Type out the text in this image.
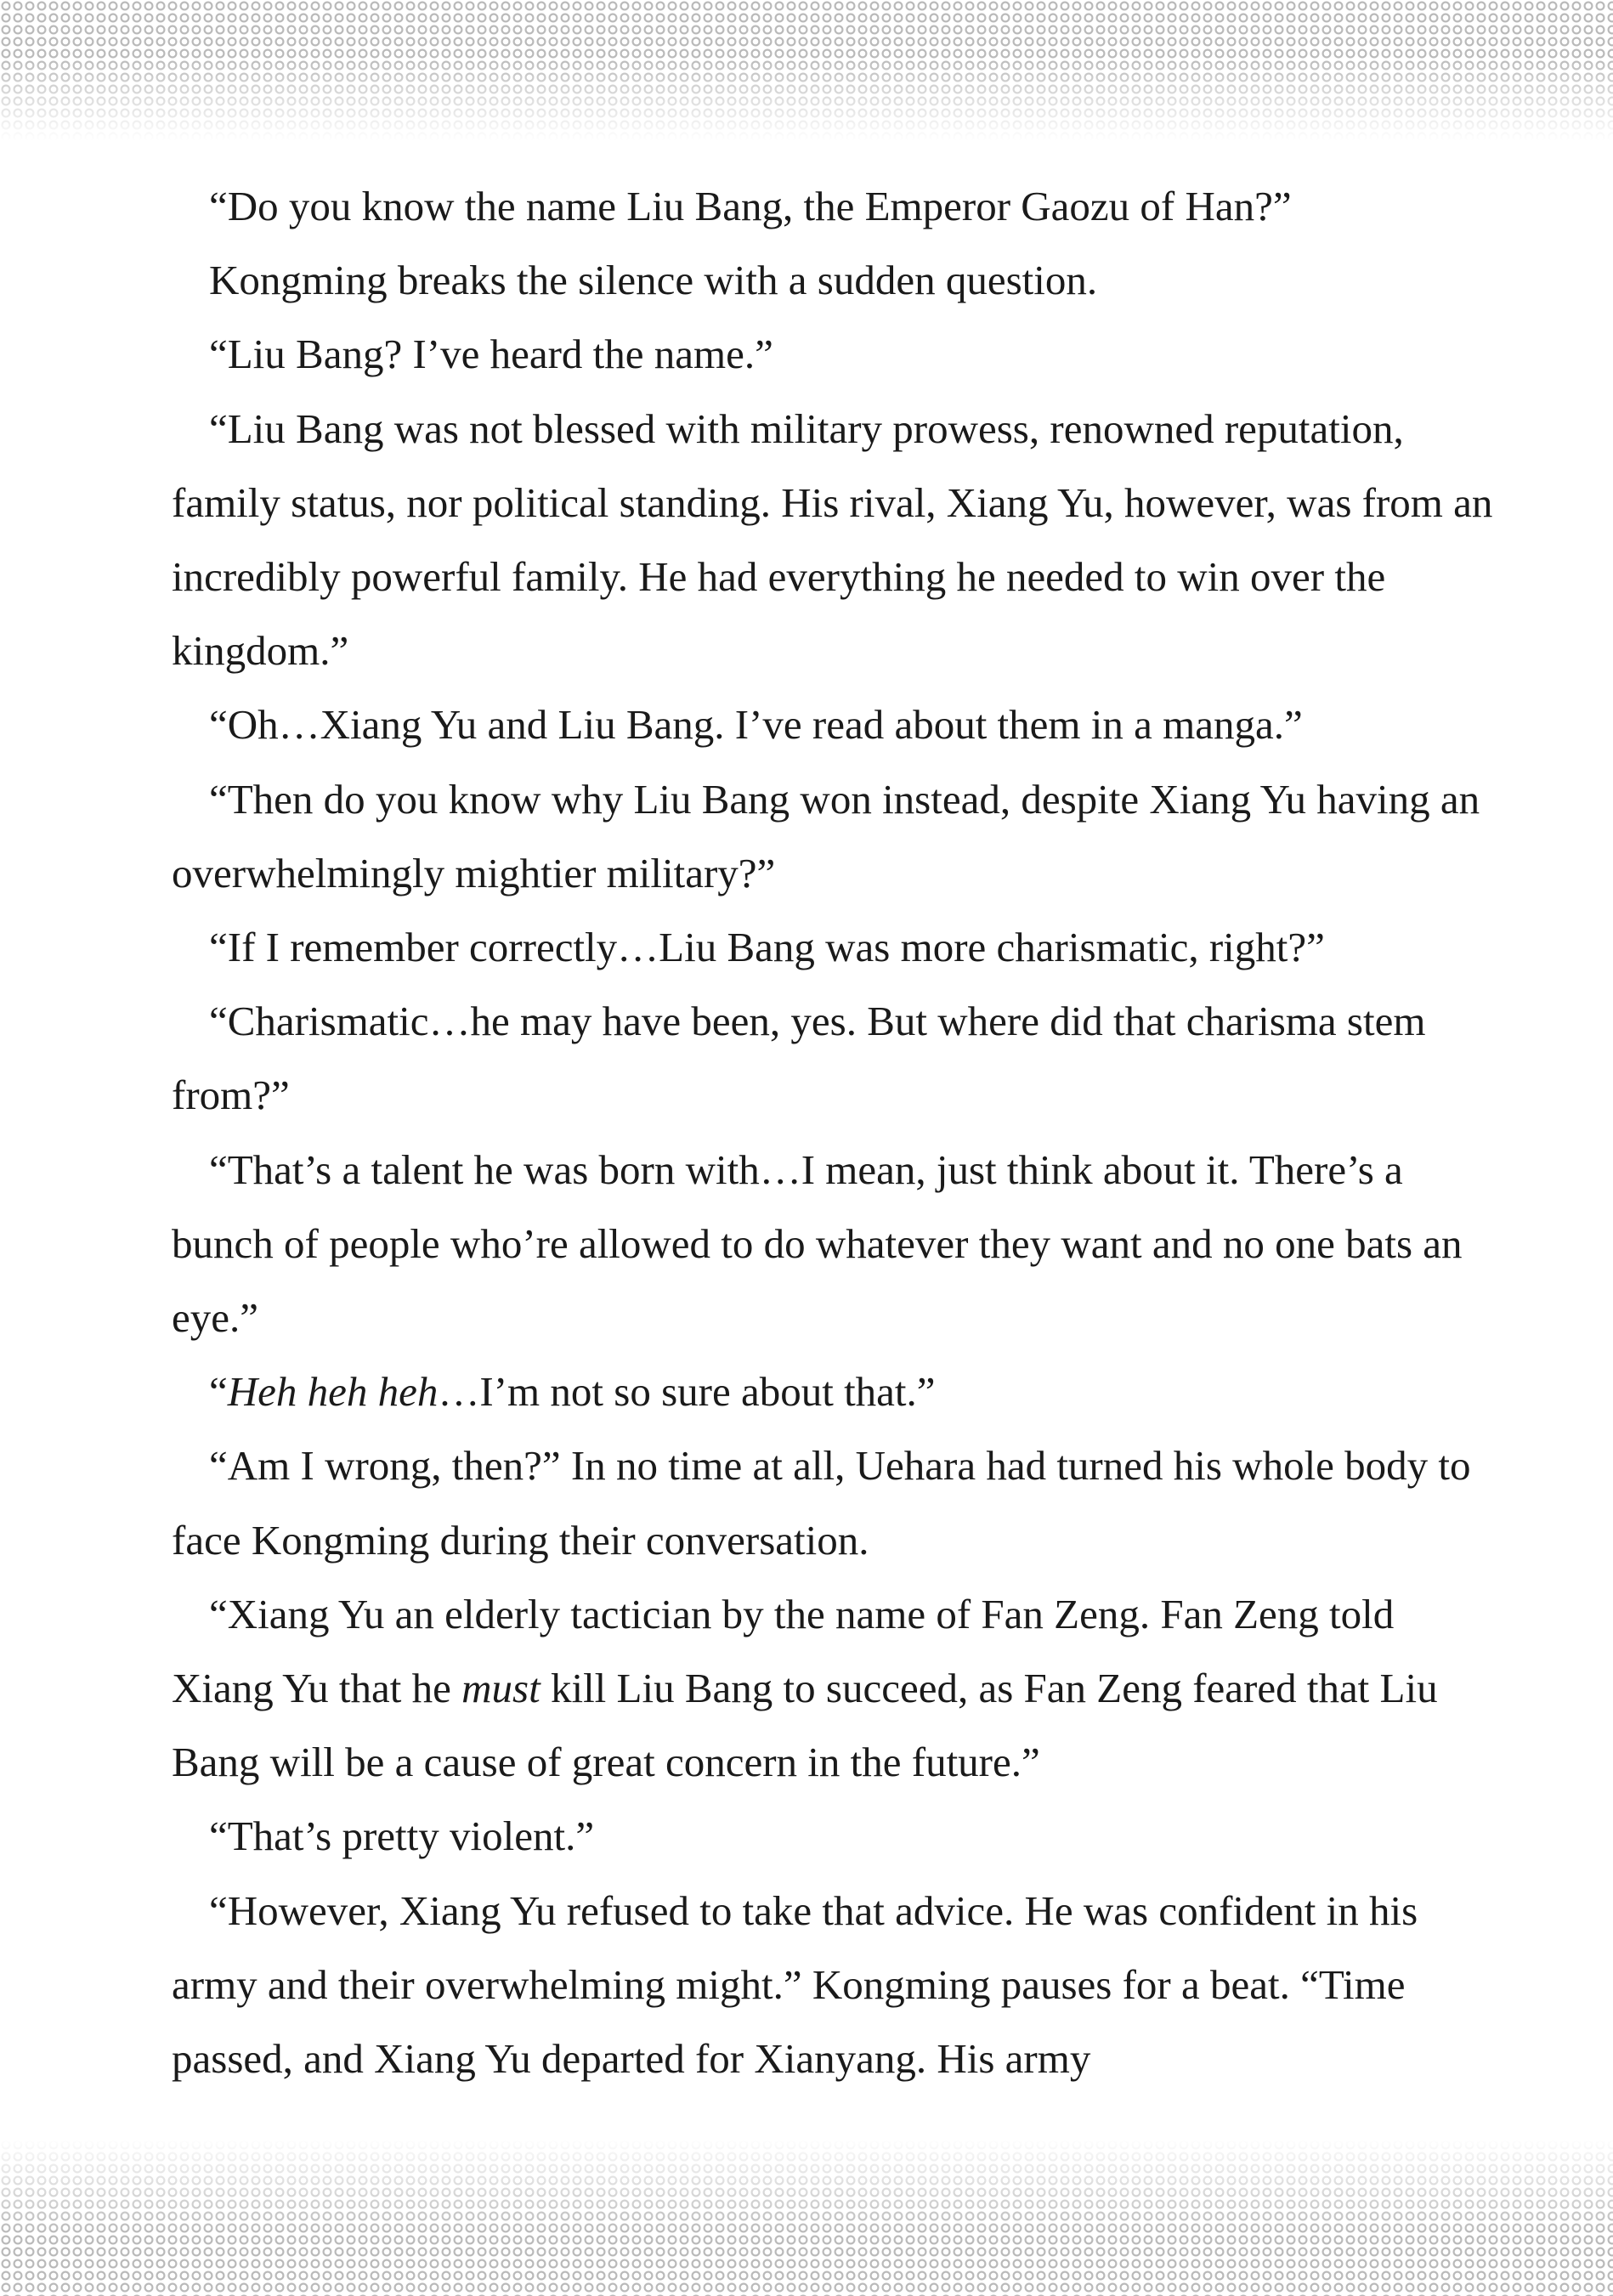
“Do you know the name Liu Bang, the Emperor Gaozu of Han?”

Kongming breaks the silence with a sudden question.

“Liu Bang? I’ve heard the name.”

“Liu Bang was not blessed with military prowess, renowned reputation, family status, nor political standing. His rival, Xiang Yu, however, was from an incredibly powerful family. He had everything he needed to win over the kingdom.”

“Oh…Xiang Yu and Liu Bang. I’ve read about them in a manga.”

“Then do you know why Liu Bang won instead, despite Xiang Yu having an overwhelmingly mightier military?”

“If I remember correctly…Liu Bang was more charismatic, right?”

“Charismatic…he may have been, yes. But where did that charisma stem from?”

“That’s a talent he was born with…I mean, just think about it. There’s a bunch of people who’re allowed to do whatever they want and no one bats an eye.”

“Heh heh heh…I’m not so sure about that.”

“Am I wrong, then?” In no time at all, Uehara had turned his whole body to face Kongming during their conversation.

“Xiang Yu an elderly tactician by the name of Fan Zeng. Fan Zeng told Xiang Yu that he must kill Liu Bang to succeed, as Fan Zeng feared that Liu Bang will be a cause of great concern in the future.”

“That’s pretty violent.”

“However, Xiang Yu refused to take that advice. He was confident in his army and their overwhelming might.” Kongming pauses for a beat. “Time passed, and Xiang Yu departed for Xianyang. His army
